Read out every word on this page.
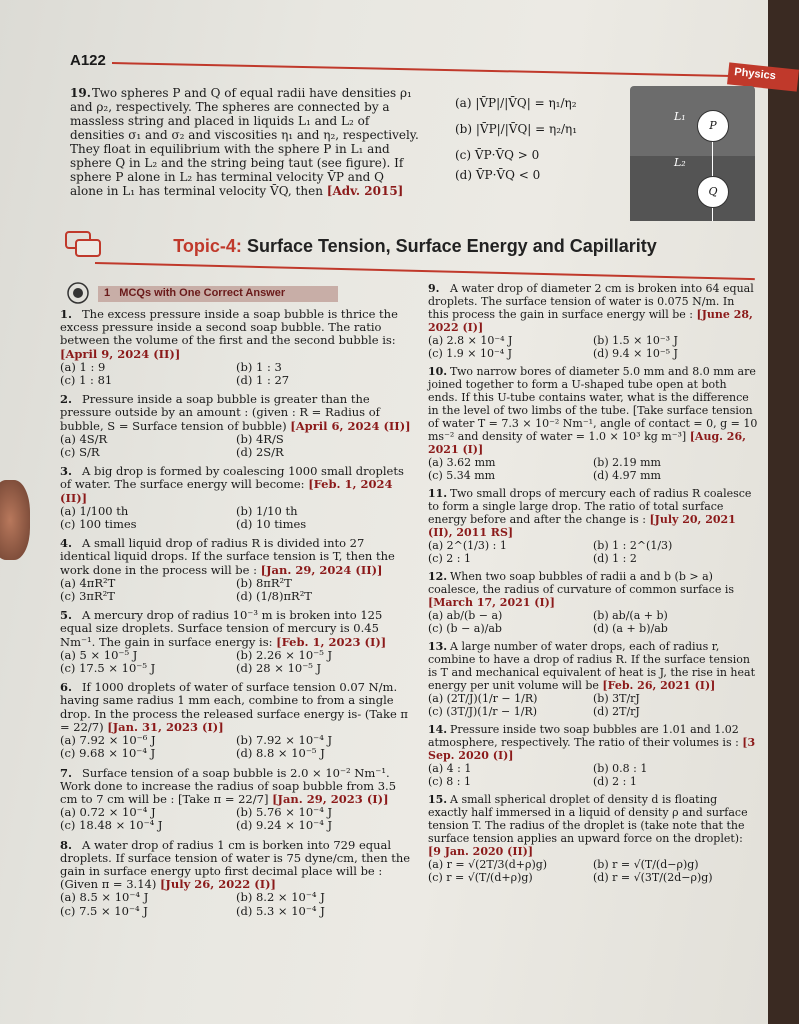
A122
Physics

19.Two spheres P and Q of equal radii have densities ρ₁ and ρ₂, respectively. The spheres are connected by a massless string and placed in liquids L₁ and L₂ of densities σ₁ and σ₂ and viscosities η₁ and η₂, respectively. They float in equilibrium with the sphere P in L₁ and sphere Q in L₂ and the string being taut (see figure). If sphere P alone in L₂ has terminal velocity V̄P and Q alone in L₁ has terminal velocity V̄Q, then [Adv. 2015]

(a) |V̄P|/|V̄Q| = η₁/η₂
(b) |V̄P|/|V̄Q| = η₂/η₁
(c) V̄P·V̄Q > 0
(d) V̄P·V̄Q < 0
L₁
L₂
P
Q
Topic-4: Surface Tension, Surface Energy and Capillarity
1 MCQs with One Correct Answer

1. The excess pressure inside a soap bubble is thrice the excess pressure inside a second soap bubble. The ratio between the volume of the first and the second bubble is: [April 9, 2024 (II)]

(a) 1 : 9	(b) 1 : 3
(c) 1 : 81	(d) 1 : 27

2. Pressure inside a soap bubble is greater than the pressure outside by an amount : (given : R = Radius of bubble, S = Surface tension of bubble) [April 6, 2024 (II)]

(a) 4S/R	(b) 4R/S
(c) S/R	(d) 2S/R

3. A big drop is formed by coalescing 1000 small droplets of water. The surface energy will become: [Feb. 1, 2024 (II)]

(a) 1/100 th	(b) 1/10 th
(c) 100 times	(d) 10 times

4. A small liquid drop of radius R is divided into 27 identical liquid drops. If the surface tension is T, then the work done in the process will be : [Jan. 29, 2024 (II)]

(a) 4πR²T	(b) 8πR²T
(c) 3πR²T	(d) (1/8)πR²T

5. A mercury drop of radius 10⁻³ m is broken into 125 equal size droplets. Surface tension of mercury is 0.45 Nm⁻¹. The gain in surface energy is: [Feb. 1, 2023 (I)]

(a) 5 × 10⁻⁵ J	(b) 2.26 × 10⁻⁵ J
(c) 17.5 × 10⁻⁵ J	(d) 28 × 10⁻⁵ J

6. If 1000 droplets of water of surface tension 0.07 N/m. having same radius 1 mm each, combine to from a single drop. In the process the released surface energy is- (Take π = 22/7) [Jan. 31, 2023 (I)]

(a) 7.92 × 10⁻⁶ J	(b) 7.92 × 10⁻⁴ J
(c) 9.68 × 10⁻⁴ J	(d) 8.8 × 10⁻⁵ J

7. Surface tension of a soap bubble is 2.0 × 10⁻² Nm⁻¹. Work done to increase the radius of soap bubble from 3.5 cm to 7 cm will be : [Take π = 22/7] [Jan. 29, 2023 (I)]

(a) 0.72 × 10⁻⁴ J	(b) 5.76 × 10⁻⁴ J
(c) 18.48 × 10⁻⁴ J	(d) 9.24 × 10⁻⁴ J

8. A water drop of radius 1 cm is borken into 729 equal droplets. If surface tension of water is 75 dyne/cm, then the gain in surface energy upto first decimal place will be : (Given π = 3.14) [July 26, 2022 (I)]

(a) 8.5 × 10⁻⁴ J	(b) 8.2 × 10⁻⁴ J
(c) 7.5 × 10⁻⁴ J	(d) 5.3 × 10⁻⁴ J

9. A water drop of diameter 2 cm is broken into 64 equal droplets. The surface tension of water is 0.075 N/m. In this process the gain in surface energy will be : [June 28, 2022 (I)]

(a) 2.8 × 10⁻⁴ J	(b) 1.5 × 10⁻³ J
(c) 1.9 × 10⁻⁴ J	(d) 9.4 × 10⁻⁵ J

10. Two narrow bores of diameter 5.0 mm and 8.0 mm are joined together to form a U-shaped tube open at both ends. If this U-tube contains water, what is the difference in the level of two limbs of the tube. [Take surface tension of water T = 7.3 × 10⁻² Nm⁻¹, angle of contact = 0, g = 10 ms⁻² and density of water = 1.0 × 10³ kg m⁻³] [Aug. 26, 2021 (I)]

(a) 3.62 mm	(b) 2.19 mm
(c) 5.34 mm	(d) 4.97 mm

11. Two small drops of mercury each of radius R coalesce to form a single large drop. The ratio of total surface energy before and after the change is : [July 20, 2021 (II), 2011 RS]

(a) 2^(1/3) : 1	(b) 1 : 2^(1/3)
(c) 2 : 1	(d) 1 : 2

12. When two soap bubbles of radii a and b (b > a) coalesce, the radius of curvature of common surface is [March 17, 2021 (I)]

(a) ab/(b − a)	(b) ab/(a + b)
(c) (b − a)/ab	(d) (a + b)/ab

13. A large number of water drops, each of radius r, combine to have a drop of radius R. If the surface tension is T and mechanical equivalent of heat is J, the rise in heat energy per unit volume will be [Feb. 26, 2021 (I)]

(a) (2T/J)(1/r − 1/R)	(b) 3T/rJ
(c) (3T/J)(1/r − 1/R)	(d) 2T/rJ

14. Pressure inside two soap bubbles are 1.01 and 1.02 atmosphere, respectively. The ratio of their volumes is : [3 Sep. 2020 (I)]

(a) 4 : 1	(b) 0.8 : 1
(c) 8 : 1	(d) 2 : 1

15. A small spherical droplet of density d is floating exactly half immersed in a liquid of density ρ and surface tension T. The radius of the droplet is (take note that the surface tension applies an upward force on the droplet): [9 Jan. 2020 (II)]

(a) r = √(2T/3(d+ρ)g)	(b) r = √(T/(d−ρ)g)
(c) r = √(T/(d+ρ)g)	(d) r = √(3T/(2d−ρ)g)
